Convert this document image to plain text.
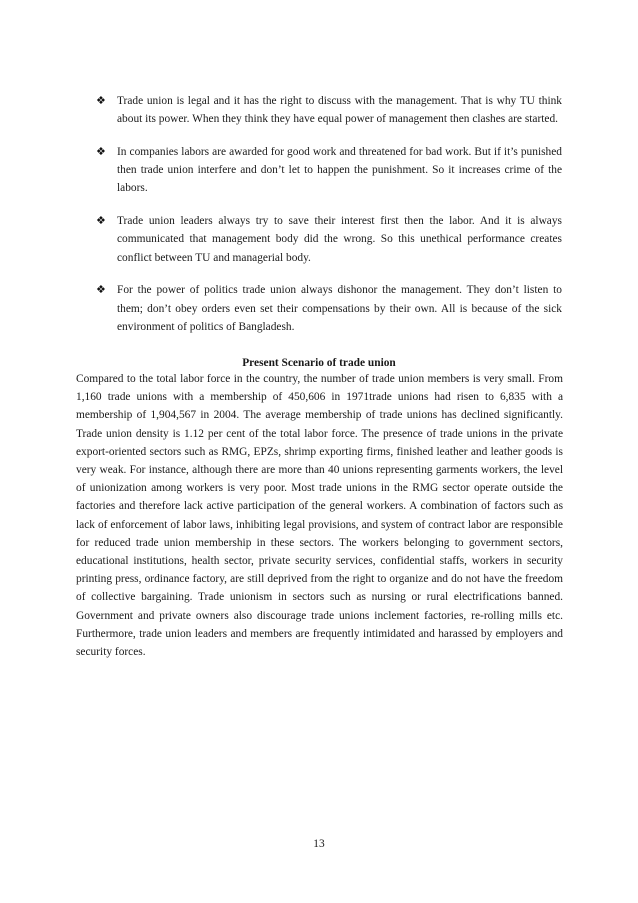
❖ Trade union is legal and it has the right to discuss with the management. That is why TU think about its power. When they think they have equal power of management then clashes are started.
❖ In companies labors are awarded for good work and threatened for bad work. But if it’s punished then trade union interfere and don’t let to happen the punishment. So it increases crime of the labors.
❖ Trade union leaders always try to save their interest first then the labor. And it is always communicated that management body did the wrong. So this unethical performance creates conflict between TU and managerial body.
❖ For the power of politics trade union always dishonor the management. They don’t listen to them; don’t obey orders even set their compensations by their own. All is because of the sick environment of politics of Bangladesh.
Present Scenario of trade union
Compared to the total labor force in the country, the number of trade union members is very small. From 1,160 trade unions with a membership of 450,606 in 1971trade unions had risen to 6,835 with a membership of 1,904,567 in 2004. The average membership of trade unions has declined significantly. Trade union density is 1.12 per cent of the total labor force. The presence of trade unions in the private export-oriented sectors such as RMG, EPZs, shrimp exporting firms, finished leather and leather goods is very weak. For instance, although there are more than 40 unions representing garments workers, the level of unionization among workers is very poor. Most trade unions in the RMG sector operate outside the factories and therefore lack active participation of the general workers. A combination of factors such as lack of enforcement of labor laws, inhibiting legal provisions, and system of contract labor are responsible for reduced trade union membership in these sectors. The workers belonging to government sectors, educational institutions, health sector, private security services, confidential staffs, workers in security printing press, ordinance factory, are still deprived from the right to organize and do not have the freedom of collective bargaining. Trade unionism in sectors such as nursing or rural electrifications banned. Government and private owners also discourage trade unions inclement factories, re-rolling mills etc. Furthermore, trade union leaders and members are frequently intimidated and harassed by employers and security forces.
13
